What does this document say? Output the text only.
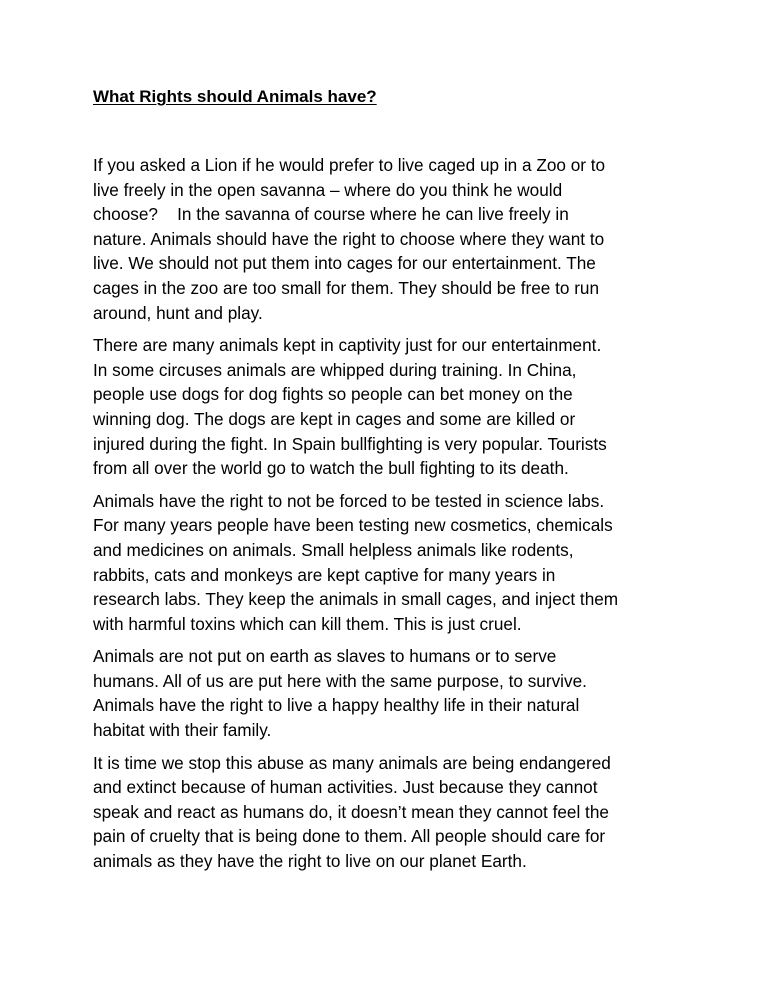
What Rights should Animals have?

If you asked a Lion if he would prefer to live caged up in a Zoo or to
live freely in the open savanna – where do you think he would
choose?    In the savanna of course where he can live freely in
nature. Animals should have the right to choose where they want to
live. We should not put them into cages for our entertainment. The
cages in the zoo are too small for them. They should be free to run
around, hunt and play.

There are many animals kept in captivity just for our entertainment.
In some circuses animals are whipped during training. In China,
people use dogs for dog fights so people can bet money on the
winning dog. The dogs are kept in cages and some are killed or
injured during the fight. In Spain bullfighting is very popular. Tourists
from all over the world go to watch the bull fighting to its death.

Animals have the right to not be forced to be tested in science labs.
For many years people have been testing new cosmetics, chemicals
and medicines on animals. Small helpless animals like rodents,
rabbits, cats and monkeys are kept captive for many years in
research labs. They keep the animals in small cages, and inject them
with harmful toxins which can kill them. This is just cruel.

Animals are not put on earth as slaves to humans or to serve
humans. All of us are put here with the same purpose, to survive.
Animals have the right to live a happy healthy life in their natural
habitat with their family.

It is time we stop this abuse as many animals are being endangered
and extinct because of human activities. Just because they cannot
speak and react as humans do, it doesn’t mean they cannot feel the
pain of cruelty that is being done to them. All people should care for
animals as they have the right to live on our planet Earth.
